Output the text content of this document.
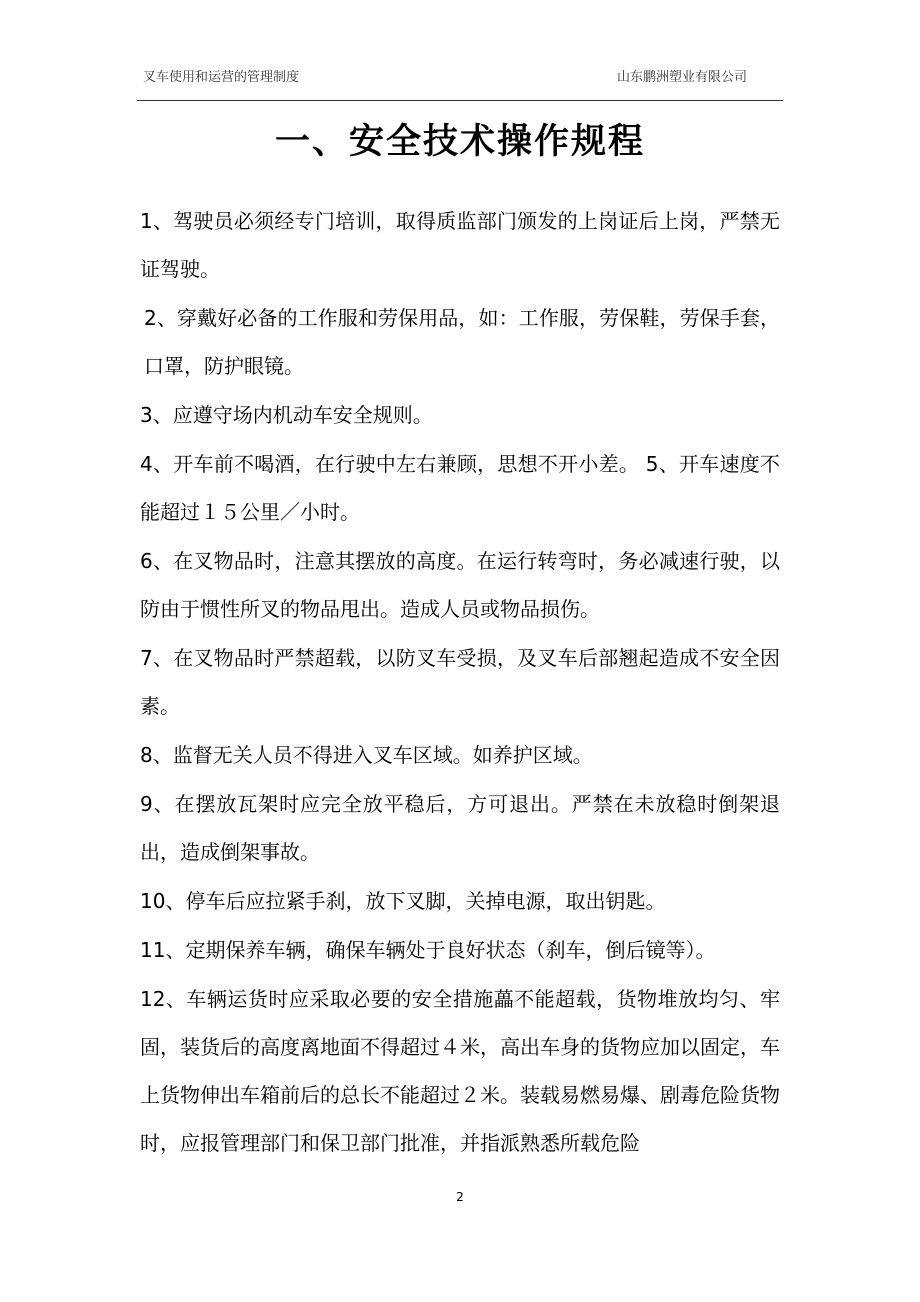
叉车使用和运营的管理制度	山东鹏洲塑业有限公司
一、安全技术操作规程

1、驾驶员必须经专门培训，取得质监部门颁发的上岗证后上岗，严禁无证驾驶。

2、穿戴好必备的工作服和劳保用品，如：工作服，劳保鞋，劳保手套，口罩，防护眼镜。

3、应遵守场内机动车安全规则。

4、开车前不喝酒，在行驶中左右兼顾，思想不开小差。 5、开车速度不能超过１５公里／小时。

6、在叉物品时，注意其摆放的高度。在运行转弯时，务必减速行驶，以防由于惯性所叉的物品甩出。造成人员或物品损伤。

7、在叉物品时严禁超载，以防叉车受损，及叉车后部翘起造成不安全因素。

8、监督无关人员不得进入叉车区域。如养护区域。

9、在摆放瓦架时应完全放平稳后，方可退出。严禁在未放稳时倒架退出，造成倒架事故。

10、停车后应拉紧手刹，放下叉脚，关掉电源，取出钥匙。

11、定期保养车辆，确保车辆处于良好状态（刹车，倒后镜等）。

12、车辆运货时应采取必要的安全措施藟不能超载，货物堆放均匀、牢固，装货后的高度离地面不得超过４米，高出车身的货物应加以固定，车上货物伸出车箱前后的总长不能超过２米。装载易燃易爆、剧毒危险货物时，应报管理部门和保卫部门批准，并指派熟悉所载危险

2
